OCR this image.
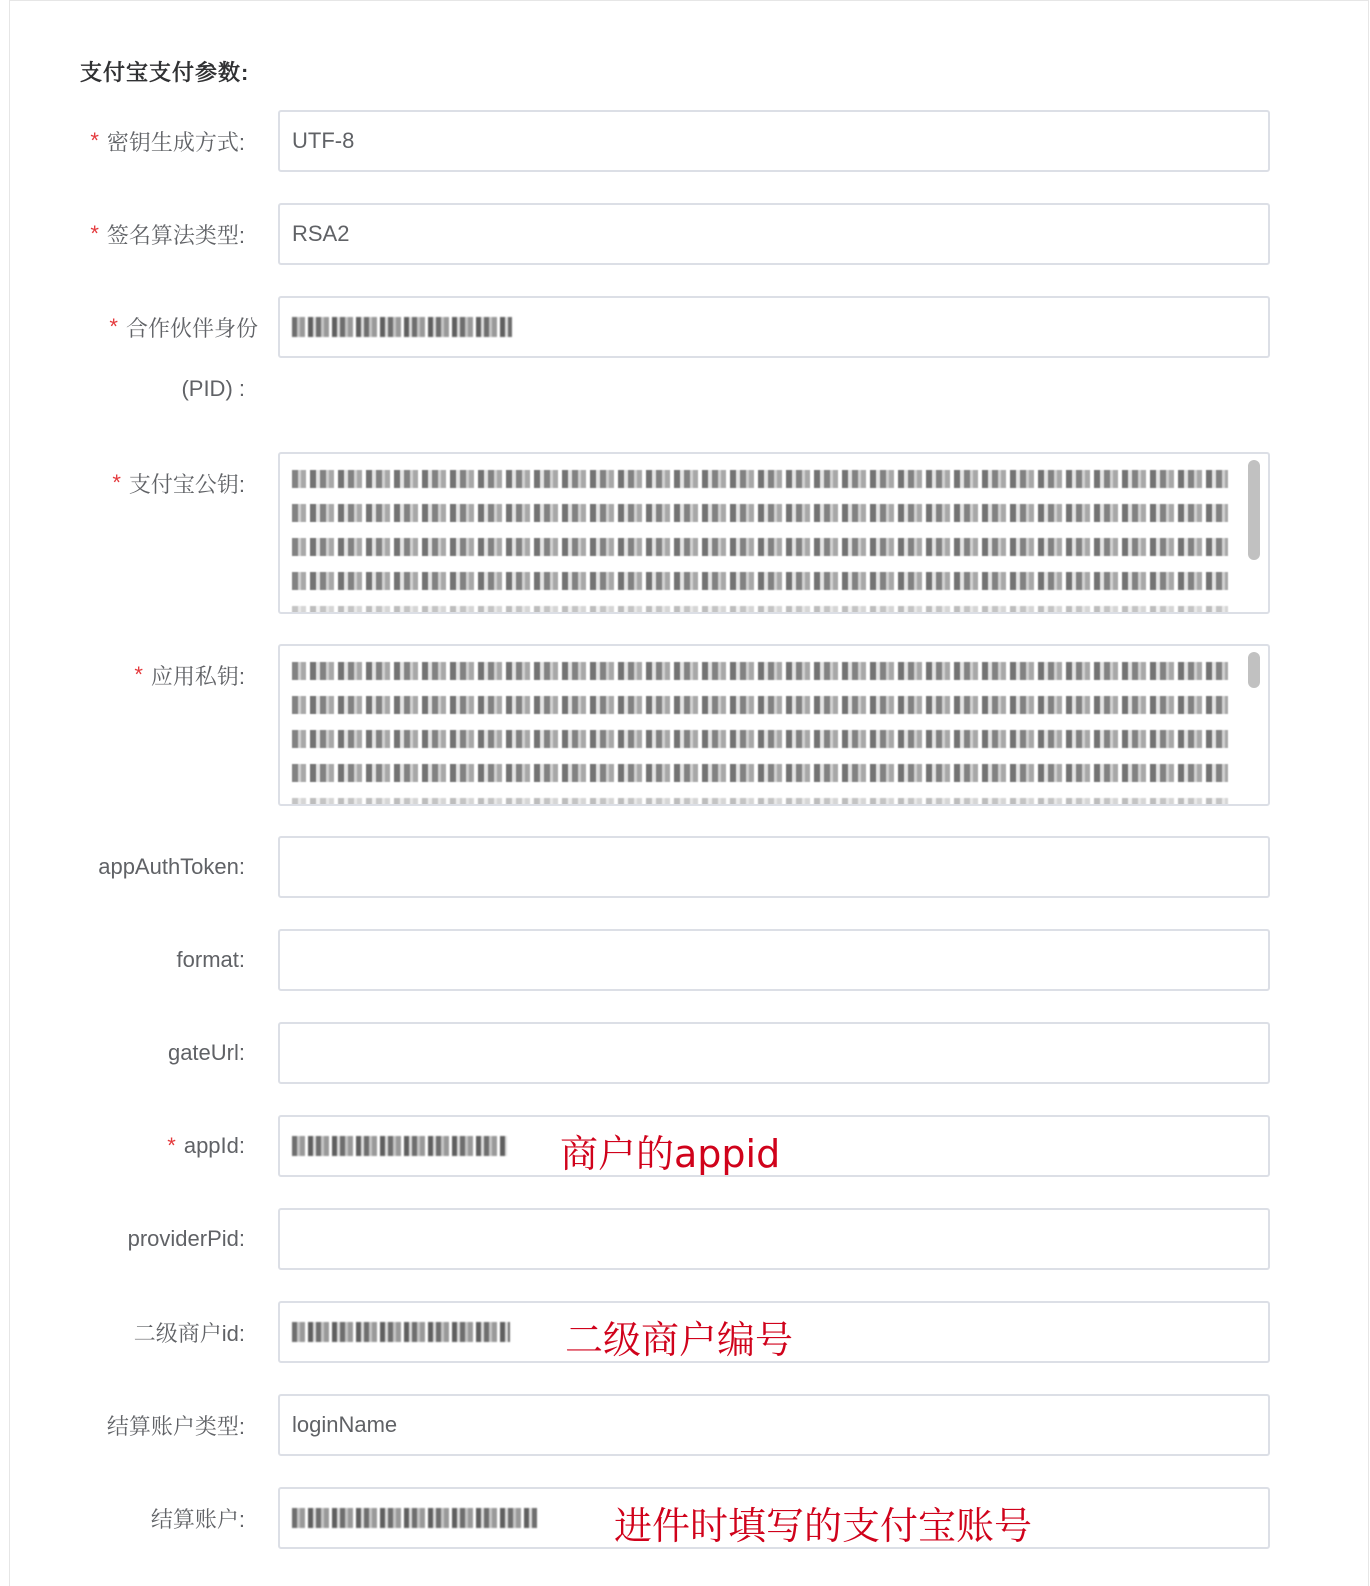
支付宝支付参数:
* 密钥生成方式: UTF-8
* 签名算法类型: RSA2
* 合作伙伴身份
(PID) :
* 支付宝公钥:
* 应用私钥:
appAuthToken:
format:
gateUrl:
* appId:	商户的appid
providerPid:
二级商户id:	二级商户编号
结算账户类型: loginName
结算账户:	进件时填写的支付宝账号
